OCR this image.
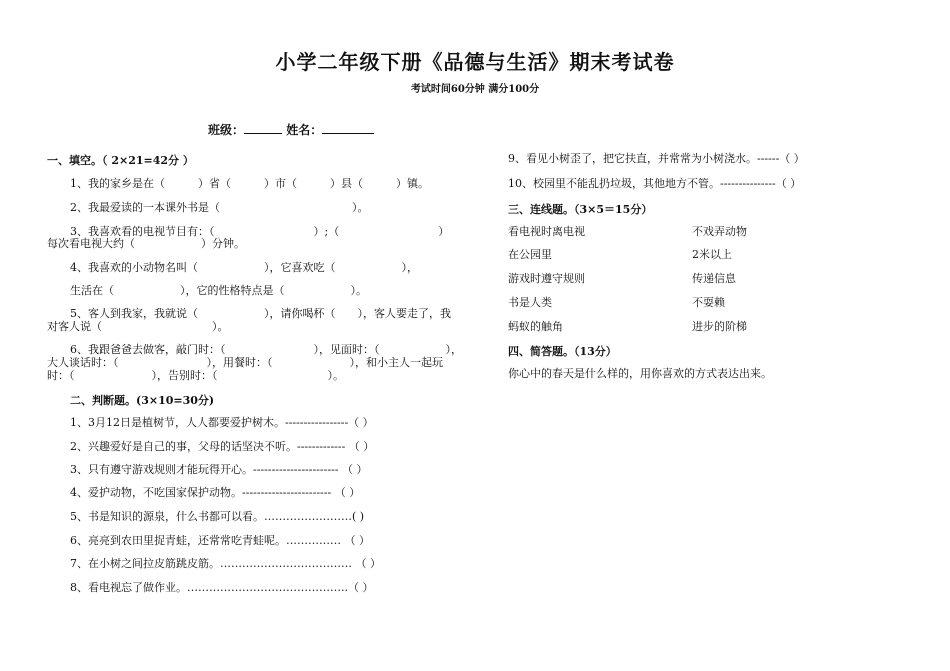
小学二年级下册《品德与生活》期末考试卷
考试时间60分钟 满分100分
班级：	姓名：
一、填空。（ 2×21=42分 ）
1、我的家乡是在（　　　）省（　　　）市（　　　）县（　　　）镇。
2、我最爱读的一本课外书是（　　　　　　　　　　　　）。
3、我喜欢看的电视节目有：（　　　　　　　　　）;（　　　　　　　　　）
每次看电视大约（　　　　　　）分钟。
4、我喜欢的小动物名叫（　　　　　　），它喜欢吃（　　　　　　），
生活在（　　　　　　），它的性格特点是（　　　　　　）。
5、客人到我家，我就说（　　　　　　），请你喝杯（　　），客人要走了，我
对客人说（　　　　　　　　　　）。
6、我跟爸爸去做客，敲门时：（　　　　　　　　），见面时：（　　　　　　），
大人谈话时：（　　　　　　　　），用餐时：（　　　　　　　），和小主人一起玩
时：（　　　　　　　），告别时：（　　　　　　　　　　）。
二、判断题。(3×10=30分)
1、3月12日是植树节，人人都要爱护树木。-----------------（ ）
2、兴趣爱好是自己的事，父母的话坚决不听。------------- （ ）
3、只有遵守游戏规则才能玩得开心。----------------------- （ ）
4、爱护动物，不吃国家保护动物。------------------------ （ ）
5、书是知识的源泉，什么书都可以看。……………………( )
6、亮亮到农田里捉青蛙，还常常吃青蛙呢。…………… （ ）
7、在小树之间拉皮筋跳皮筋。……………………………… （ ）
8、看电视忘了做作业。……………………………………..（ ）
9、看见小树歪了，把它扶直，并常常为小树浇水。------（ ）
10、校园里不能乱扔垃圾，其他地方不管。---------------（ ）
三、连线题。（3×5＝15分）
看电视时离电视	不戏弄动物
在公园里	2米以上
游戏时遵守规则	传递信息
书是人类	不耍赖
蚂蚁的触角	进步的阶梯
四、简答题。（13分）
你心中的春天是什么样的，用你喜欢的方式表达出来。
